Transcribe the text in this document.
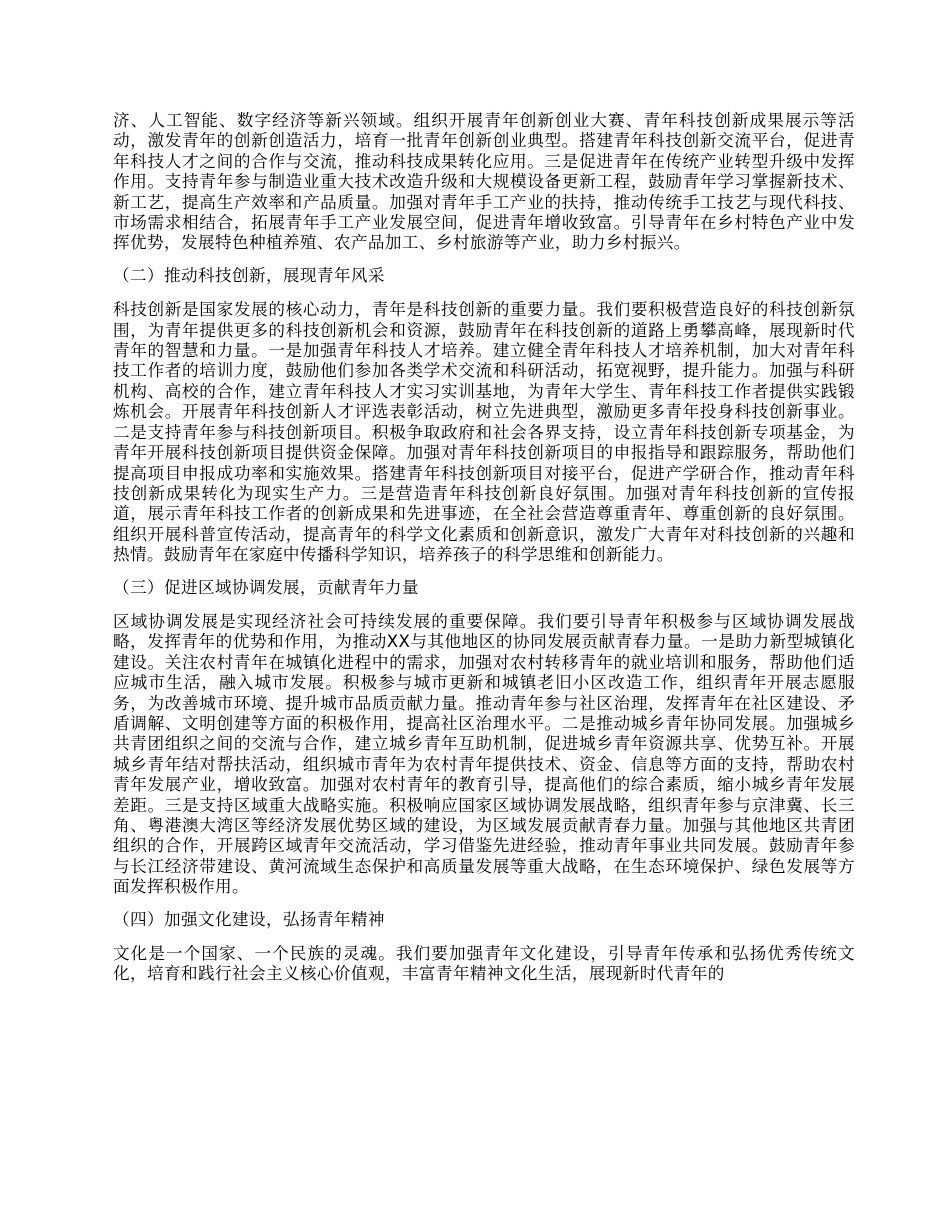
济、人工智能、数字经济等新兴领域。组织开展青年创新创业大赛、青年科技创新成果展示等活动，激发青年的创新创造活力，培育一批青年创新创业典型。搭建青年科技创新交流平台，促进青年科技人才之间的合作与交流，推动科技成果转化应用。三是促进青年在传统产业转型升级中发挥作用。支持青年参与制造业重大技术改造升级和大规模设备更新工程，鼓励青年学习掌握新技术、新工艺，提高生产效率和产品质量。加强对青年手工产业的扶持，推动传统手工技艺与现代科技、市场需求相结合，拓展青年手工产业发展空间，促进青年增收致富。引导青年在乡村特色产业中发挥优势，发展特色种植养殖、农产品加工、乡村旅游等产业，助力乡村振兴。

（二）推动科技创新，展现青年风采

科技创新是国家发展的核心动力，青年是科技创新的重要力量。我们要积极营造良好的科技创新氛围，为青年提供更多的科技创新机会和资源，鼓励青年在科技创新的道路上勇攀高峰，展现新时代青年的智慧和力量。一是加强青年科技人才培养。建立健全青年科技人才培养机制，加大对青年科技工作者的培训力度，鼓励他们参加各类学术交流和科研活动，拓宽视野，提升能力。加强与科研机构、高校的合作，建立青年科技人才实习实训基地，为青年大学生、青年科技工作者提供实践锻炼机会。开展青年科技创新人才评选表彰活动，树立先进典型，激励更多青年投身科技创新事业。二是支持青年参与科技创新项目。积极争取政府和社会各界支持，设立青年科技创新专项基金，为青年开展科技创新项目提供资金保障。加强对青年科技创新项目的申报指导和跟踪服务，帮助他们提高项目申报成功率和实施效果。搭建青年科技创新项目对接平台，促进产学研合作，推动青年科技创新成果转化为现实生产力。三是营造青年科技创新良好氛围。加强对青年科技创新的宣传报道，展示青年科技工作者的创新成果和先进事迹，在全社会营造尊重青年、尊重创新的良好氛围。组织开展科普宣传活动，提高青年的科学文化素质和创新意识，激发广大青年对科技创新的兴趣和热情。鼓励青年在家庭中传播科学知识，培养孩子的科学思维和创新能力。

（三）促进区域协调发展，贡献青年力量

区域协调发展是实现经济社会可持续发展的重要保障。我们要引导青年积极参与区域协调发展战略，发挥青年的优势和作用，为推动XX与其他地区的协同发展贡献青春力量。一是助力新型城镇化建设。关注农村青年在城镇化进程中的需求，加强对农村转移青年的就业培训和服务，帮助他们适应城市生活，融入城市发展。积极参与城市更新和城镇老旧小区改造工作，组织青年开展志愿服务，为改善城市环境、提升城市品质贡献力量。推动青年参与社区治理，发挥青年在社区建设、矛盾调解、文明创建等方面的积极作用，提高社区治理水平。二是推动城乡青年协同发展。加强城乡共青团组织之间的交流与合作，建立城乡青年互助机制，促进城乡青年资源共享、优势互补。开展城乡青年结对帮扶活动，组织城市青年为农村青年提供技术、资金、信息等方面的支持，帮助农村青年发展产业，增收致富。加强对农村青年的教育引导，提高他们的综合素质，缩小城乡青年发展差距。三是支持区域重大战略实施。积极响应国家区域协调发展战略，组织青年参与京津冀、长三角、粤港澳大湾区等经济发展优势区域的建设，为区域发展贡献青春力量。加强与其他地区共青团组织的合作，开展跨区域青年交流活动，学习借鉴先进经验，推动青年事业共同发展。鼓励青年参与长江经济带建设、黄河流域生态保护和高质量发展等重大战略，在生态环境保护、绿色发展等方面发挥积极作用。

（四）加强文化建设，弘扬青年精神

文化是一个国家、一个民族的灵魂。我们要加强青年文化建设，引导青年传承和弘扬优秀传统文化，培育和践行社会主义核心价值观，丰富青年精神文化生活，展现新时代青年的
